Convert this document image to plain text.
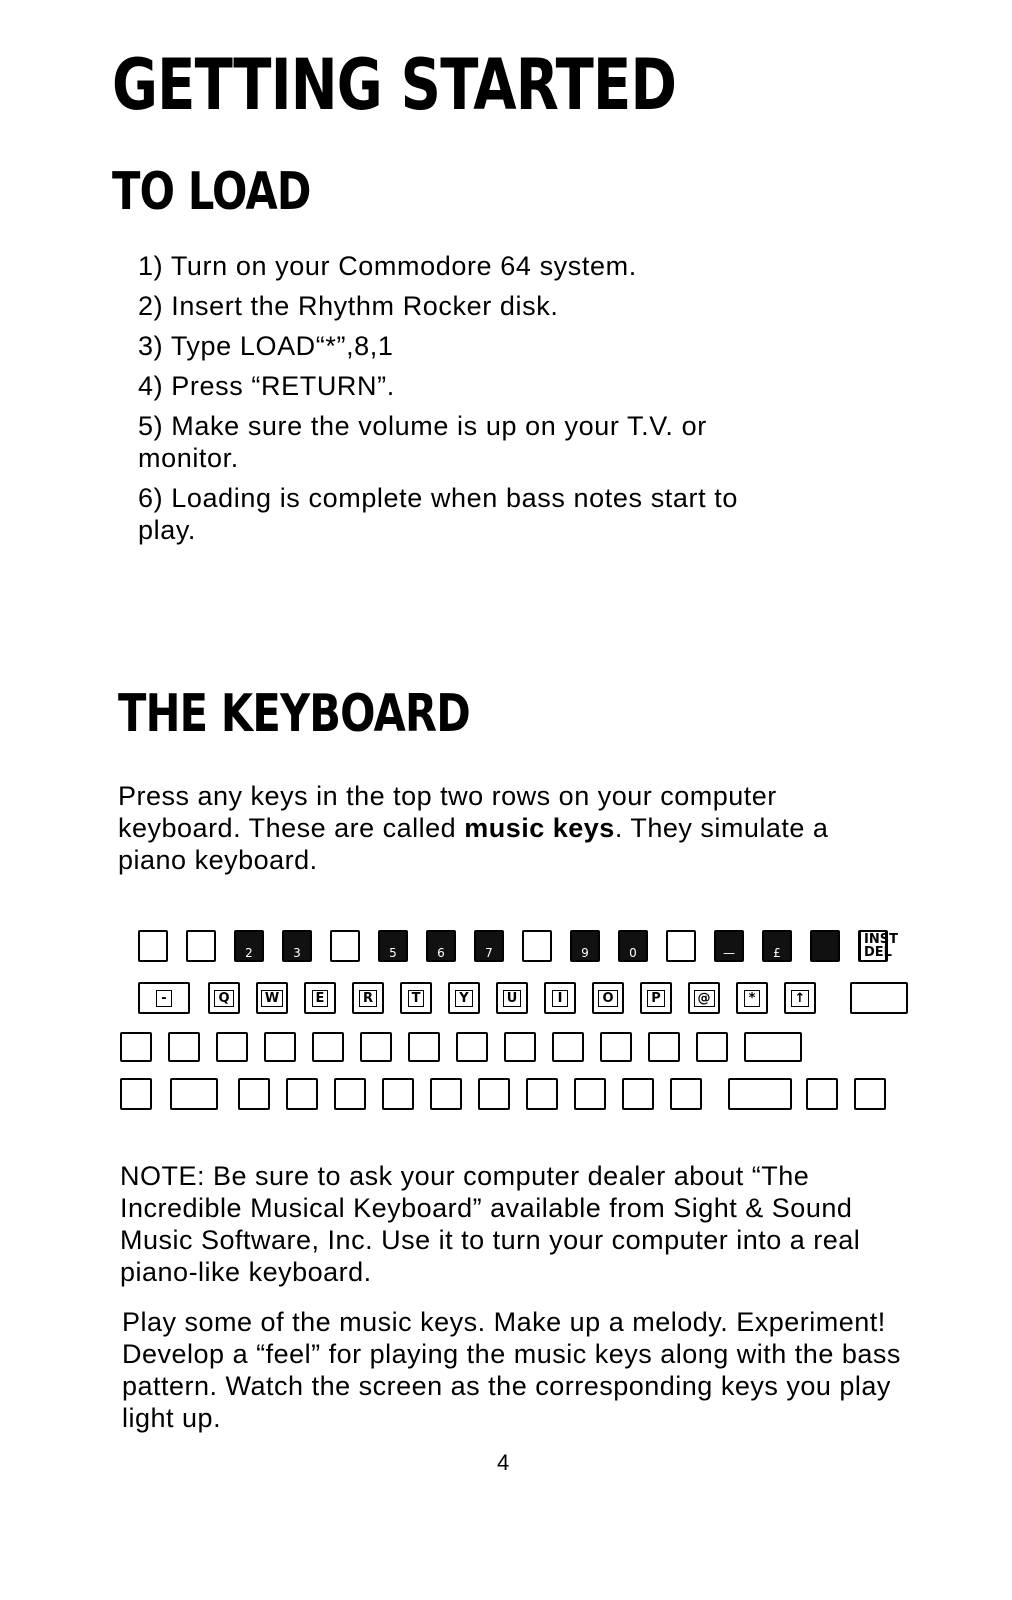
GETTING STARTED
TO LOAD
1) Turn on your Commodore 64 system.
2) Insert the Rhythm Rocker disk.
3) Type LOAD“*”,8,1
4) Press “RETURN”.
5) Make sure the volume is up on your T.V. or monitor.
6) Loading is complete when bass notes start to play.
THE KEYBOARD

Press any keys in the top two rows on your computer keyboard. These are called music keys. They simulate a piano keyboard.

2	3	5	6	7	9	0	—	£
INST DEL
-	Q	W	E	R	T	Y	U	I	O	P	@	*	↑

NOTE: Be sure to ask your computer dealer about “The Incredible Musical Keyboard” available from Sight & Sound Music Software, Inc. Use it to turn your computer into a real piano-like keyboard.

Play some of the music keys. Make up a melody. Experiment! Develop a “feel” for playing the music keys along with the bass pattern. Watch the screen as the corresponding keys you play light up.

4
